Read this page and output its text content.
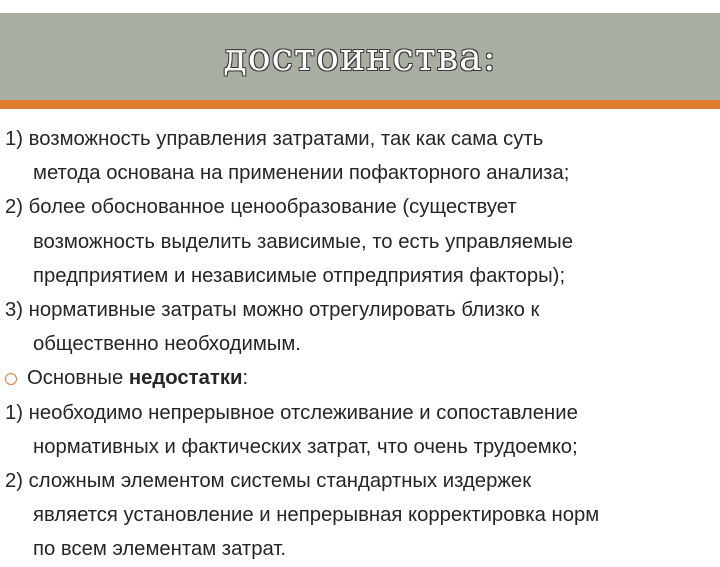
достоинства:
1) возможность управления затратами, так как сама суть
метода основана на применении пофакторного анализа;
2) более обоснованное ценообразование (существует
возможность выделить зависимые, то есть управляемые
предприятием и независимые отпредприятия факторы);
3) нормативные затраты можно отрегулировать близко к
общественно необходимым.
Основные недостатки:
1) необходимо непрерывное отслеживание и сопоставление
нормативных и фактических затрат, что очень трудоемко;
2) сложным элементом системы стандартных издержек
является установление и непрерывная корректировка норм
по всем элементам затрат.
